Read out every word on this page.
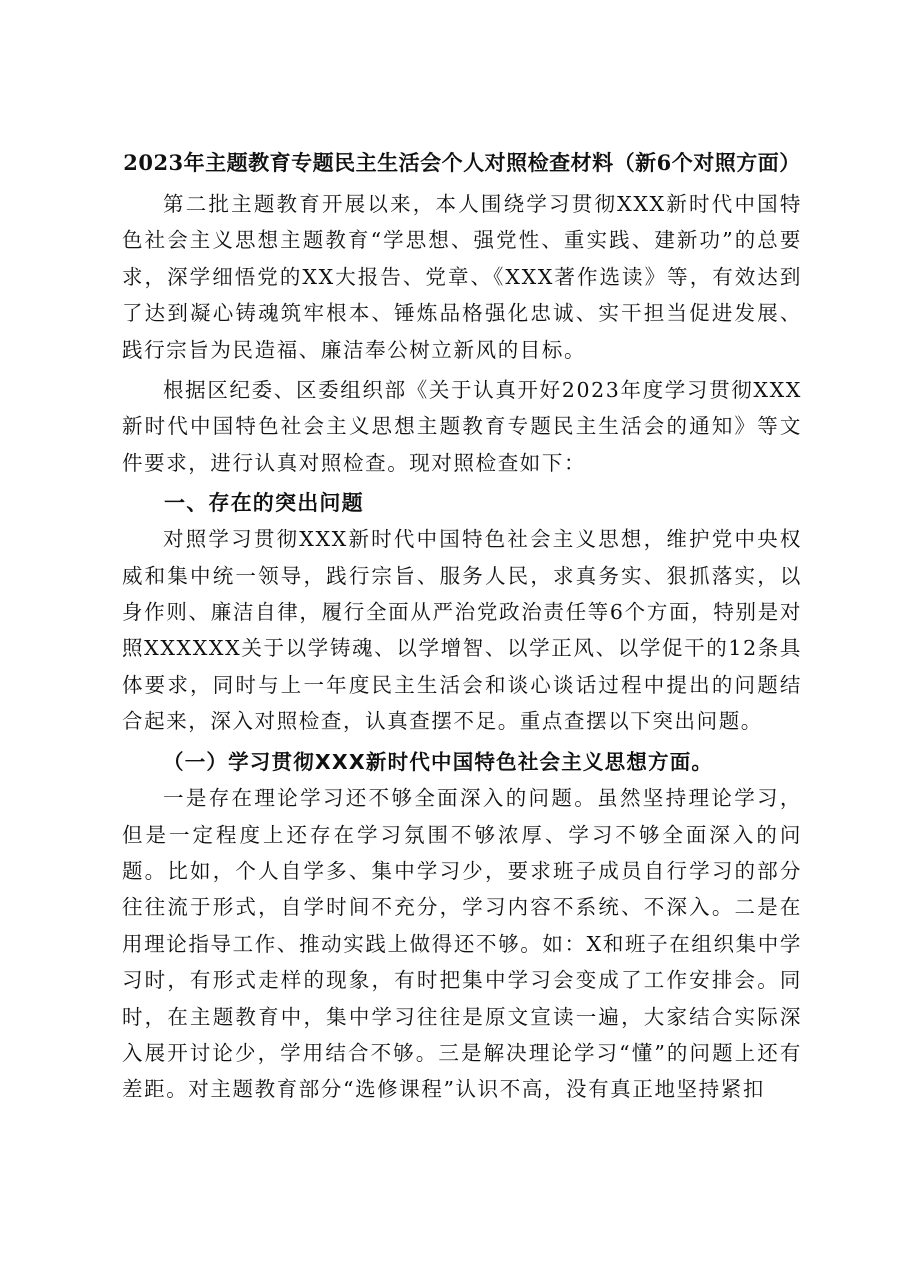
2023年主题教育专题民主生活会个人对照检查材料（新6个对照方面）

第二批主题教育开展以来，本人围绕学习贯彻XXX新时代中国特色社会主义思想主题教育“学思想、强党性、重实践、建新功”的总要求，深学细悟党的XX大报告、党章、《XXX著作选读》等，有效达到了达到凝心铸魂筑牢根本、锤炼品格强化忠诚、实干担当促进发展、践行宗旨为民造福、廉洁奉公树立新风的目标。

根据区纪委、区委组织部《关于认真开好2023年度学习贯彻XXX新时代中国特色社会主义思想主题教育专题民主生活会的通知》等文件要求，进行认真对照检查。现对照检查如下：

一、存在的突出问题

对照学习贯彻XXX新时代中国特色社会主义思想，维护党中央权威和集中统一领导，践行宗旨、服务人民，求真务实、狠抓落实，以身作则、廉洁自律，履行全面从严治党政治责任等6个方面，特别是对照XXXXXX关于以学铸魂、以学增智、以学正风、以学促干的12条具体要求，同时与上一年度民主生活会和谈心谈话过程中提出的问题结合起来，深入对照检查，认真查摆不足。重点查摆以下突出问题。

（一）学习贯彻XXX新时代中国特色社会主义思想方面。

一是存在理论学习还不够全面深入的问题。虽然坚持理论学习，但是一定程度上还存在学习氛围不够浓厚、学习不够全面深入的问题。比如，个人自学多、集中学习少，要求班子成员自行学习的部分往往流于形式，自学时间不充分，学习内容不系统、不深入。二是在用理论指导工作、推动实践上做得还不够。如：X和班子在组织集中学习时，有形式走样的现象，有时把集中学习会变成了工作安排会。同时，在主题教育中，集中学习往往是原文宣读一遍，大家结合实际深入展开讨论少，学用结合不够。三是解决理论学习“懂”的问题上还有差距。对主题教育部分“选修课程”认识不高，没有真正地坚持紧扣
